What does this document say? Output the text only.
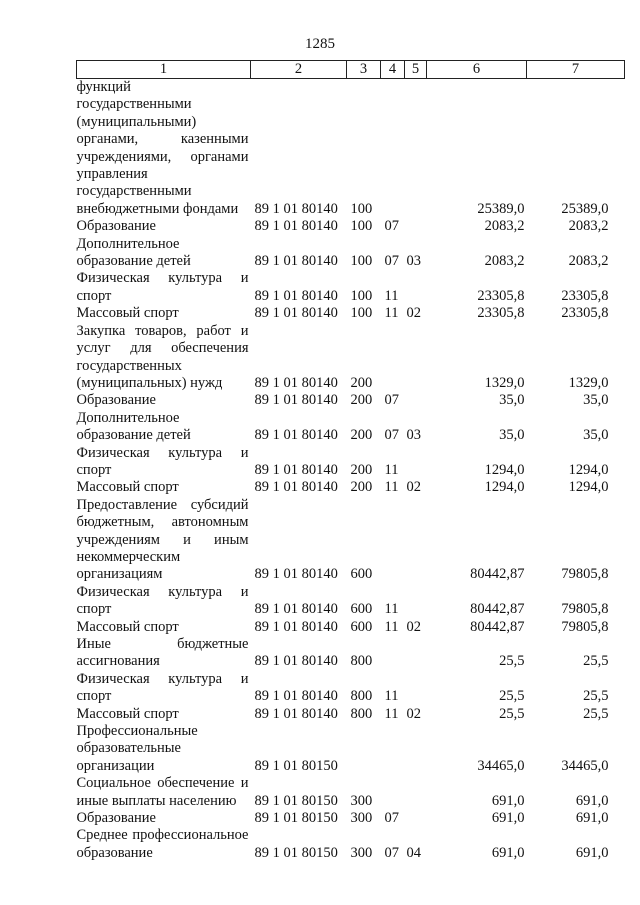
1285
1	2	3	4	5	6	7
функций государственными (муниципальными) органами, казенными учреждениями, органами управления государственными внебюджетными фондами	89 1 01 80140	100			25389,0	25389,0
Образование	89 1 01 80140	100	07		2083,2	2083,2
Дополнительное образование детей	89 1 01 80140	100	07	03	2083,2	2083,2
Физическая культура и спорт	89 1 01 80140	100	11		23305,8	23305,8
Массовый спорт	89 1 01 80140	100	11	02	23305,8	23305,8
Закупка товаров, работ и услуг для обеспечения государственных (муниципальных) нужд	89 1 01 80140	200			1329,0	1329,0
Образование	89 1 01 80140	200	07		35,0	35,0
Дополнительное образование детей	89 1 01 80140	200	07	03	35,0	35,0
Физическая культура и спорт	89 1 01 80140	200	11		1294,0	1294,0
Массовый спорт	89 1 01 80140	200	11	02	1294,0	1294,0
Предоставление субсидий бюджетным, автономным учреждениям и иным некоммерческим организациям	89 1 01 80140	600			80442,87	79805,8
Физическая культура и спорт	89 1 01 80140	600	11		80442,87	79805,8
Массовый спорт	89 1 01 80140	600	11	02	80442,87	79805,8
Иные бюджетные ассигнования	89 1 01 80140	800			25,5	25,5
Физическая культура и спорт	89 1 01 80140	800	11		25,5	25,5
Массовый спорт	89 1 01 80140	800	11	02	25,5	25,5
Профессиональные образовательные организации	89 1 01 80150				34465,0	34465,0
Социальное обеспечение и иные выплаты населению	89 1 01 80150	300			691,0	691,0
Образование	89 1 01 80150	300	07		691,0	691,0
Среднее профессиональное образование	89 1 01 80150	300	07	04	691,0	691,0
